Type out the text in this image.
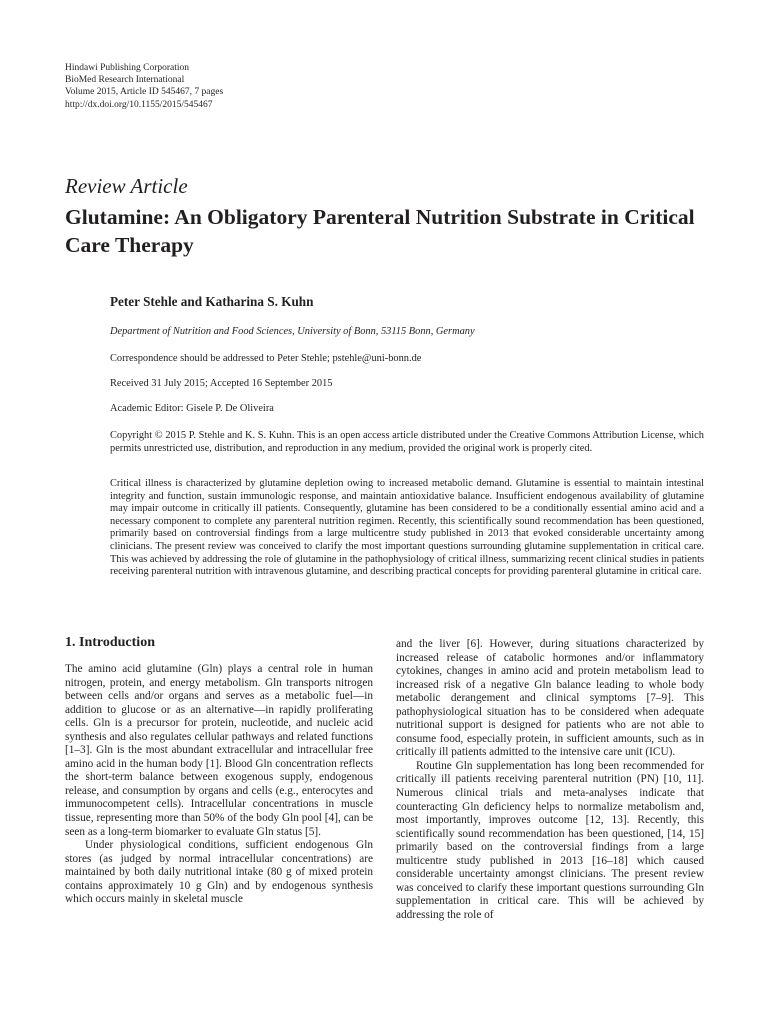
Hindawi Publishing Corporation
BioMed Research International
Volume 2015, Article ID 545467, 7 pages
http://dx.doi.org/10.1155/2015/545467
Review Article
Glutamine: An Obligatory Parenteral Nutrition Substrate in Critical Care Therapy
Peter Stehle and Katharina S. Kuhn
Department of Nutrition and Food Sciences, University of Bonn, 53115 Bonn, Germany
Correspondence should be addressed to Peter Stehle; pstehle@uni-bonn.de
Received 31 July 2015; Accepted 16 September 2015
Academic Editor: Gisele P. De Oliveira

Copyright © 2015 P. Stehle and K. S. Kuhn. This is an open access article distributed under the Creative Commons Attribution License, which permits unrestricted use, distribution, and reproduction in any medium, provided the original work is properly cited.

Critical illness is characterized by glutamine depletion owing to increased metabolic demand. Glutamine is essential to maintain intestinal integrity and function, sustain immunologic response, and maintain antioxidative balance. Insufficient endogenous availability of glutamine may impair outcome in critically ill patients. Consequently, glutamine has been considered to be a conditionally essential amino acid and a necessary component to complete any parenteral nutrition regimen. Recently, this scientifically sound recommendation has been questioned, primarily based on controversial findings from a large multicentre study published in 2013 that evoked considerable uncertainty among clinicians. The present review was conceived to clarify the most important questions surrounding glutamine supplementation in critical care. This was achieved by addressing the role of glutamine in the pathophysiology of critical illness, summarizing recent clinical studies in patients receiving parenteral nutrition with intravenous glutamine, and describing practical concepts for providing parenteral glutamine in critical care.

1. Introduction

The amino acid glutamine (Gln) plays a central role in human nitrogen, protein, and energy metabolism. Gln transports nitrogen between cells and/or organs and serves as a metabolic fuel—in addition to glucose or as an alternative—in rapidly proliferating cells. Gln is a precursor for protein, nucleotide, and nucleic acid synthesis and also regulates cellular pathways and related functions [1–3]. Gln is the most abundant extracellular and intracellular free amino acid in the human body [1]. Blood Gln concentration reflects the short-term balance between exogenous supply, endogenous release, and consumption by organs and cells (e.g., enterocytes and immunocompetent cells). Intracellular concentrations in muscle tissue, representing more than 50% of the body Gln pool [4], can be seen as a long-term biomarker to evaluate Gln status [5].

Under physiological conditions, sufficient endogenous Gln stores (as judged by normal intracellular concentrations) are maintained by both daily nutritional intake (80 g of mixed protein contains approximately 10 g Gln) and by endogenous synthesis which occurs mainly in skeletal muscle

and the liver [6]. However, during situations characterized by increased release of catabolic hormones and/or inflammatory cytokines, changes in amino acid and protein metabolism lead to increased risk of a negative Gln balance leading to whole body metabolic derangement and clinical symptoms [7–9]. This pathophysiological situation has to be considered when adequate nutritional support is designed for patients who are not able to consume food, especially protein, in sufficient amounts, such as in critically ill patients admitted to the intensive care unit (ICU).

Routine Gln supplementation has long been recommended for critically ill patients receiving parenteral nutrition (PN) [10, 11]. Numerous clinical trials and meta-analyses indicate that counteracting Gln deficiency helps to normalize metabolism and, most importantly, improves outcome [12, 13]. Recently, this scientifically sound recommendation has been questioned, [14, 15] primarily based on the controversial findings from a large multicentre study published in 2013 [16–18] which caused considerable uncertainty amongst clinicians. The present review was conceived to clarify these important questions surrounding Gln supplementation in critical care. This will be achieved by addressing the role of
